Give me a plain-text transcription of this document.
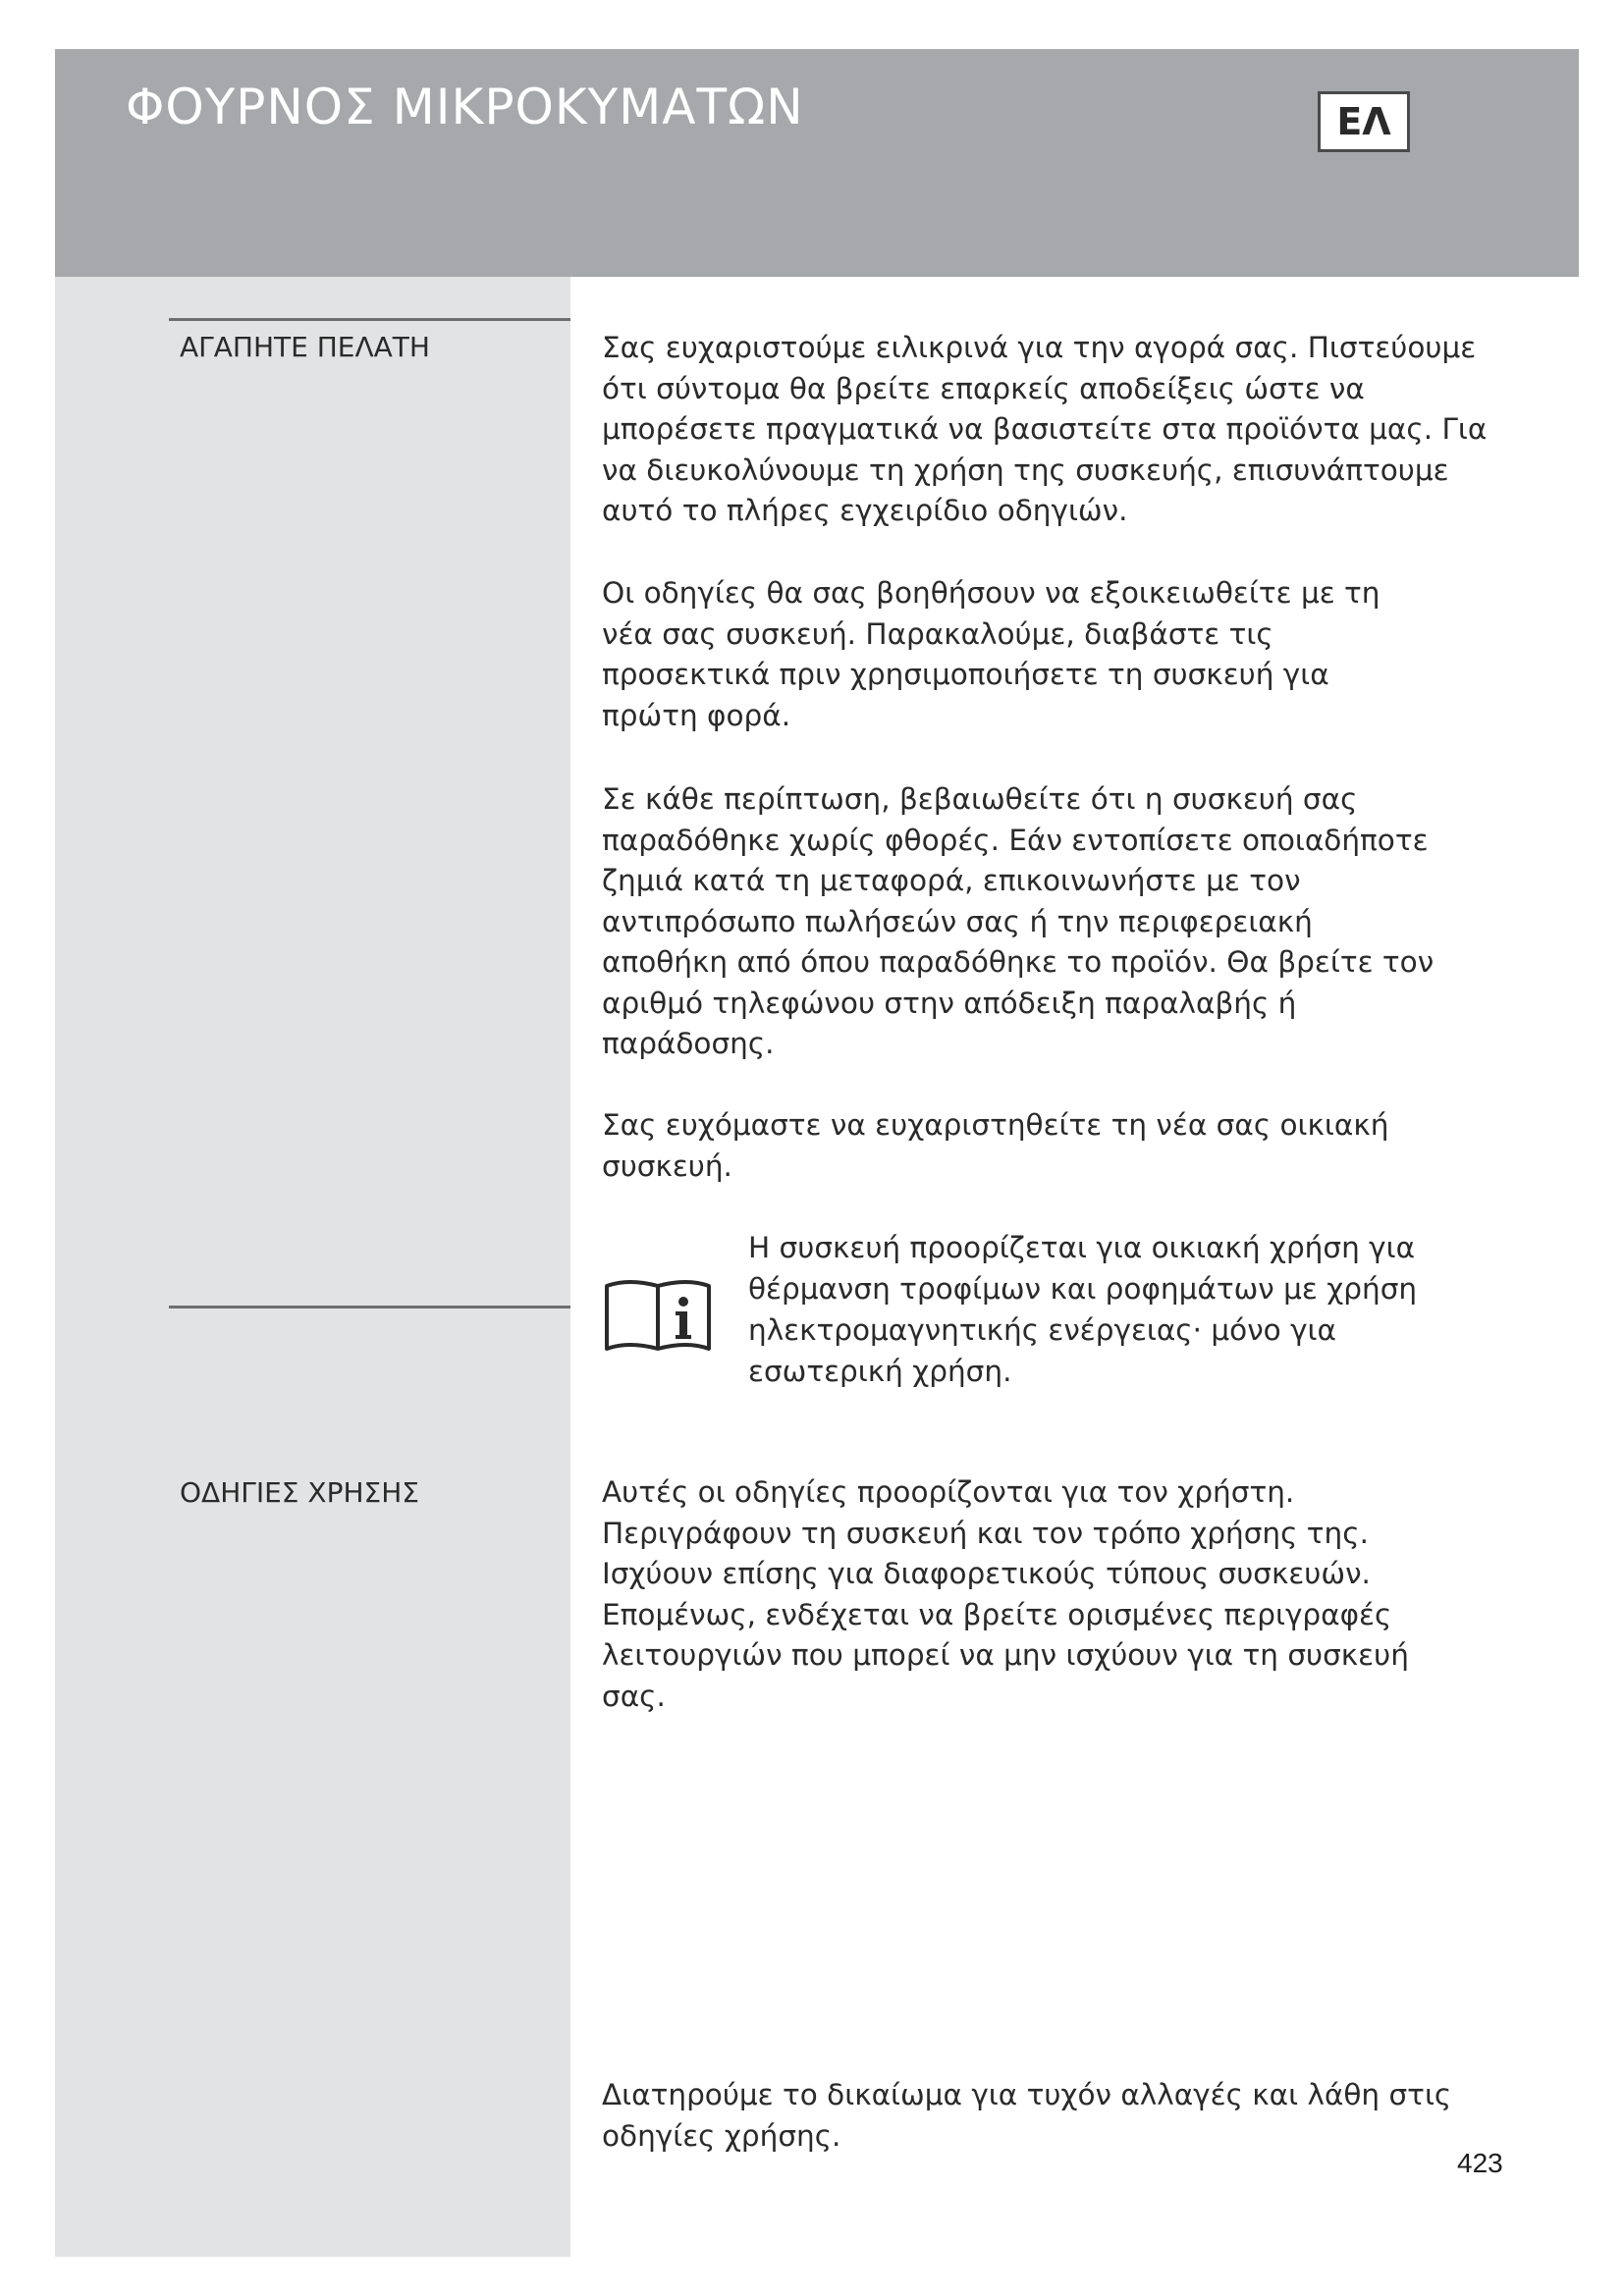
ΦΟΥΡΝΟΣ ΜΙΚΡΟΚΥΜΑΤΩΝ	ΕΛ
ΑΓΑΠΗΤΕ ΠΕΛΑΤΗ	Σας ευχαριστούμε ειλικρινά για την αγορά σας. Πιστεύουμε
ότι σύντομα θα βρείτε επαρκείς αποδείξεις ώστε να
μπορέσετε πραγματικά να βασιστείτε στα προϊόντα μας. Για
να διευκολύνουμε τη χρήση της συσκευής, επισυνάπτουμε
αυτό το πλήρες εγχειρίδιο οδηγιών.

Οι οδηγίες θα σας βοηθήσουν να εξοικειωθείτε με τη
νέα σας συσκευή. Παρακαλούμε, διαβάστε τις
προσεκτικά πριν χρησιμοποιήσετε τη συσκευή για
πρώτη φορά.

Σε κάθε περίπτωση, βεβαιωθείτε ότι η συσκευή σας
παραδόθηκε χωρίς φθορές. Εάν εντοπίσετε οποιαδήποτε
ζημιά κατά τη μεταφορά, επικοινωνήστε με τον
αντιπρόσωπο πωλήσεών σας ή την περιφερειακή
αποθήκη από όπου παραδόθηκε το προϊόν. Θα βρείτε τον
αριθμό τηλεφώνου στην απόδειξη παραλαβής ή
παράδοσης.

Σας ευχόμαστε να ευχαριστηθείτε τη νέα σας οικιακή
συσκευή.

Η συσκευή προορίζεται για οικιακή χρήση για
θέρμανση τροφίμων και ροφημάτων με χρήση
ηλεκτρομαγνητικής ενέργειας· μόνο για
εσωτερική χρήση.
ΟΔΗΓΙΕΣ ΧΡΗΣΗΣ	Αυτές οι οδηγίες προορίζονται για τον χρήστη.
Περιγράφουν τη συσκευή και τον τρόπο χρήσης της.
Ισχύουν επίσης για διαφορετικούς τύπους συσκευών.
Επομένως, ενδέχεται να βρείτε ορισμένες περιγραφές
λειτουργιών που μπορεί να μην ισχύουν για τη συσκευή
σας.

Διατηρούμε το δικαίωμα για τυχόν αλλαγές και λάθη στις
οδηγίες χρήσης.

423
